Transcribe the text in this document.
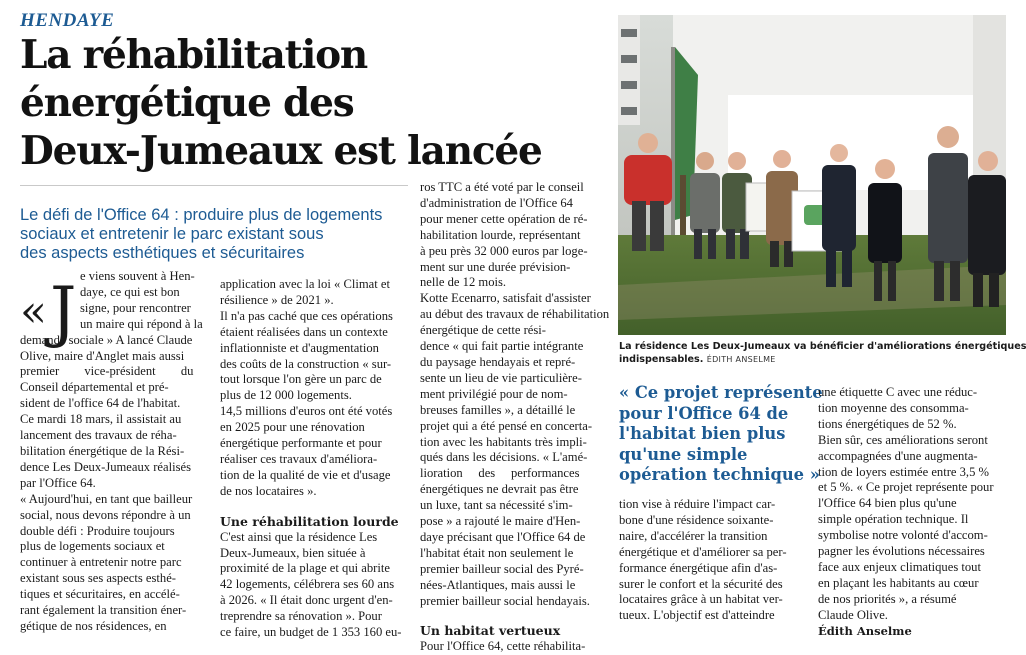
HENDAYE
La réhabilitation
énergétique des
Deux-Jumeaux est lancée
Le défi de l'Office 64 : produire plus de logements
sociaux et entretenir le parc existant sous
des aspects esthétiques et sécuritaires
« J e viens souvent à Hen-
daye, ce qui est bon
signe, pour rencontrer
un maire qui répond à la
demande sociale » A lancé Claude
Olive, maire d'Anglet mais aussi
premier        vice-président        du
Conseil départemental et pré-
sident de l'office 64 de l'habitat.
Ce mardi 18 mars, il assistait au
lancement des travaux de réha-
bilitation énergétique de la Rési-
dence Les Deux-Jumeaux réalisés
par l'Office 64.
« Aujourd'hui, en tant que bailleur
social, nous devons répondre à un
double défi : Produire toujours
plus de logements sociaux et
continuer à entretenir notre parc
existant sous ses aspects esthé-
tiques et sécuritaires, en accélé-
rant également la transition éner-
gétique de nos résidences, en
application avec la loi « Climat et
résilience » de 2021 ».
Il n'a pas caché que ces opérations
étaient réalisées dans un contexte
inflationniste et d'augmentation
des coûts de la construction « sur-
tout lorsque l'on gère un parc de
plus de 12 000 logements.
14,5 millions d'euros ont été votés
en 2025 pour une rénovation
énergétique performante et pour
réaliser ces travaux d'améliora-
tion de la qualité de vie et d'usage
de nos locataires ».
Une réhabilitation lourde
C'est ainsi que la résidence Les
Deux-Jumeaux, bien située à
proximité de la plage et qui abrite
42 logements, célébrera ses 60 ans
à 2026. « Il était donc urgent d'en-
treprendre sa rénovation ». Pour
ce faire, un budget de 1 353 160 eu-
ros TTC a été voté par le conseil
d'administration de l'Office 64
pour mener cette opération de ré-
habilitation lourde, représentant
à peu près 32 000 euros par loge-
ment sur une durée prévision-
nelle de 12 mois.
Kotte Ecenarro, satisfait d'assister
au début des travaux de réhabilitation
énergétique de cette rési-
dence « qui fait partie intégrante
du paysage hendayais et repré-
sente un lieu de vie particulière-
ment privilégié pour de nom-
breuses familles », a détaillé le
projet qui a été pensé en concerta-
tion avec les habitants très impli-
qués dans les décisions. « L'amé-
lioration     des     performances
énergétiques ne devrait pas être
un luxe, tant sa nécessité s'im-
pose » a rajouté le maire d'Hen-
daye précisant que l'Office 64 de
l'habitat était non seulement le
premier bailleur social des Pyré-
nées-Atlantiques, mais aussi le
premier bailleur social hendayais.
Un habitat vertueux
Pour l'Office 64, cette réhabilita-
La résidence Les Deux-Jumeaux va bénéficier d'améliorations énergétiques
indispensables. ÉDITH ANSELME
« Ce projet représente
pour l'Office 64 de
l'habitat bien plus
qu'une simple
opération technique »
tion vise à réduire l'impact car-
bone d'une résidence soixante-
naire, d'accélérer la transition
énergétique et d'améliorer sa per-
formance énergétique afin d'as-
surer le confort et la sécurité des
locataires grâce à un habitat ver-
tueux. L'objectif est d'atteindre
une étiquette C avec une réduc-
tion moyenne des consomma-
tions énergétiques de 52 %.
Bien sûr, ces améliorations seront
accompagnées d'une augmenta-
tion de loyers estimée entre 3,5 %
et 5 %. « Ce projet représente pour
l'Office 64 bien plus qu'une
simple opération technique. Il
symbolise notre volonté d'accom-
pagner les évolutions nécessaires
face aux enjeux climatiques tout
en plaçant les habitants au cœur
de nos priorités », a résumé
Claude Olive.
Édith Anselme
